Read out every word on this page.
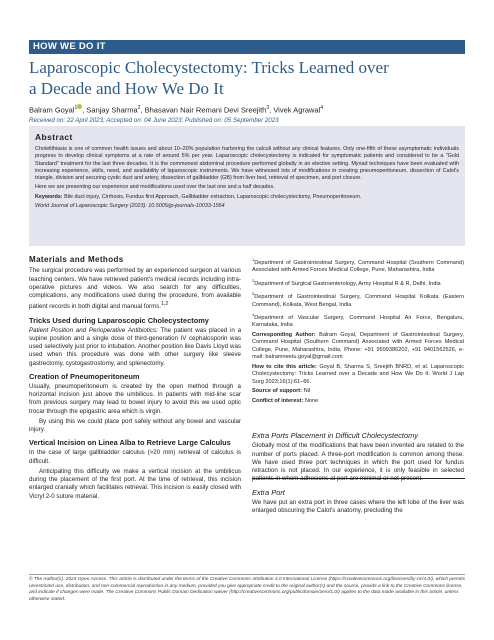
HOW WE DO IT
Laparoscopic Cholecystectomy: Tricks Learned over
a Decade and How We Do It
Balram Goyal$^1$ , Sanjay Sharma$^2$, Bhasavan Nair Remani Devi Sreejith$^3$, Vivek Agrawal$^4$
Received on: 22 April 2023; Accepted on: 04 June 2023; Published on: 05 September 2023
Abstract

Cholelithiasis is one of common health issues and about 10–20% population harboring the calculi without any clinical features. Only one-fifth of these asymptomatic individuals progress to develop clinical symptoms at a rate of around 5% per year. Laparoscopic cholecystectomy is indicated for symptomatic patients and considered to be a "Gold Standard" treatment for the last three decades. It is the commonest abdominal procedure performed globally in an elective setting. Myriad techniques have been evaluated with increasing experience, skills, need, and availability of laparoscopic instruments. We have witnessed lots of modifications in creating pneumoperitoneum, dissection of Calot's triangle, division and securing cystic duct and artery, dissection of gallbladder (GB) from liver bed, retrieval of specimen, and port closure.

Here we are presenting our experience and modifications used over the last one and a half decades.

Keywords: Bile duct injury, Cirrhosis, Fundus first Approach, Gallbladder extraction, Laparoscopic cholecystectomy, Pneumoperitoneum.

World Journal of Laparoscopic Surgery (2023): 10.5005/jp-journals-10033-1554

Materials and Methods

The surgical procedure was performed by an experienced surgeon at various teaching centers. We have retrieved patient's medical records including intra-operative pictures and videos. We also search for any difficulties, complications, any modifications used during the procedure, from available patient records in both digital and manual forms.$^{1,2}$

Tricks Used during Laparoscopic Cholecystectomy

Patient Position and Perioperative Antibiotics: The patient was placed in a supine position and a single dose of third-generation IV cephalosporin was used selectively just prior to intubation. Another position like Davis Lloyd was used when this procedure was done with other surgery like sleeve gastrectomy, cystogastrostomy, and splenectomy.

Creation of Pneumoperitoneum

Usually, pneumoperitoneum is created by the open method through a horizontal incision just above the umbilicus. In patients with mid-line scar from previous surgery may lead to bowel injury to avoid this we used optic trocar through the epigastric area which is virgin.

By using this we could place port safely without any bowel and vascular injury.

Vertical Incision on Linea Alba to Retrieve Large Calculus

In the case of large gallbladder calculus (>20 mm) retrieval of calculus is difficult.

Anticipating this difficulty we make a vertical incision at the umbilicus during the placement of the first port. At the time of retrieval, this incision enlarged cranially which facilitates retrieval. This incision is easily closed with Vicryl 2-0 suture material.

$^1$Department of Gastrointestinal Surgery, Command Hospital (Southern Command) Associated with Armed Forces Medical College, Pune, Maharashtra, India

$^2$Department of Surgical Gastroenterology, Army Hospital R & R, Delhi, India

$^3$Department of Gastrointestinal Surgery, Command Hospital Kolkata (Eastern Command), Kolkata, West Bengal, India

$^4$Department of Vascular Surgery, Command Hospital Air Force, Bengaluru, Karnataka, India

Corresponding Author: Balram Goyal, Department of Gastrointestinal Surgery, Command Hospital (Southern Command) Associated with Armed Forces Medical College, Pune, Maharashtra, India, Phone: +91 9599386202, +91 9401562526, e-mail: balramneetu.goyal@gmail.com

How to cite this article: Goyal B, Sharma S, Sreejith BNRD, et al. Laparoscopic Cholecystectomy: Tricks Learned over a Decade and How We Do It. World J Lap Surg 2023;16(1):61–66.

Source of support: Nil

Conflict of interest: None

Extra Ports Placement in Difficult Cholecystectomy

Globally most of the modifications that have been invented are related to the number of ports placed. A three-port modification is common among these. We have used three port techniques in which the port used for fundus retraction is not placed. In our experience, it is only feasible in selected

Extra Port

We have put an extra port in three cases where the left lobe of the liver was enlarged obscuring the Calot's anatomy, precluding the

© The Author(s). 2023 Open Access. This article is distributed under the terms of the Creative Commons Attribution 4.0 International License (https://creativecommons.org/licenses/by-nc/4.0/), which permits unrestricted use, distribution, and non-commercial reproduction in any medium, provided you give appropriate credit to the original author(s) and the source, provide a link to the Creative Commons license, and indicate if changes were made. The Creative Commons Public Domain Dedication waiver (http://creativecommons.org/publicdomain/zero/1.0/) applies to the data made available in this article, unless otherwise stated.
